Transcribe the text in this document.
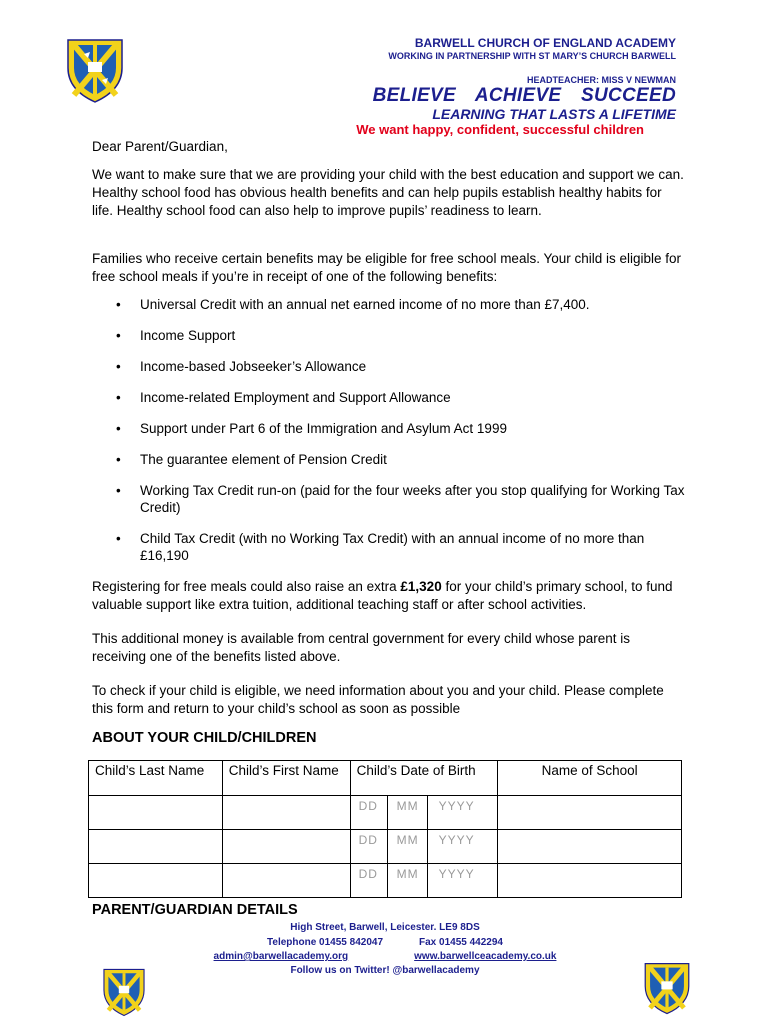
BARWELL CHURCH OF ENGLAND ACADEMY
WORKING IN PARTNERSHIP WITH ST MARY’S CHURCH BARWELL
HEADTEACHER: MISS V NEWMAN
BELIEVE ACHIEVE SUCCEED
LEARNING THAT LASTS A LIFETIME
We want happy, confident, successful children
Dear Parent/Guardian,
We want to make sure that we are providing your child with the best education and support we can. Healthy school food has obvious health benefits and can help pupils establish healthy habits for life. Healthy school food can also help to improve pupils’ readiness to learn.
Families who receive certain benefits may be eligible for free school meals. Your child is eligible for free school meals if you’re in receipt of one of the following benefits:
• Universal Credit with an annual net earned income of no more than £7,400.
• Income Support
• Income-based Jobseeker’s Allowance
• Income-related Employment and Support Allowance
• Support under Part 6 of the Immigration and Asylum Act 1999
• The guarantee element of Pension Credit
• Working Tax Credit run-on (paid for the four weeks after you stop qualifying for Working Tax Credit)
• Child Tax Credit (with no Working Tax Credit) with an annual income of no more than £16,190
Registering for free meals could also raise an extra £1,320 for your child’s primary school, to fund valuable support like extra tuition, additional teaching staff or after school activities.
This additional money is available from central government for every child whose parent is receiving one of the benefits listed above.
To check if your child is eligible, we need information about you and your child. Please complete this form and return to your child’s school as soon as possible
ABOUT YOUR CHILD/CHILDREN
Child’s Last Name	Child’s First Name	Child’s Date of Birth	Name of School

		DD MM YYYY	

		DD MM YYYY	

		DD MM YYYY	

PARENT/GUARDIAN DETAILS
High Street, Barwell, Leicester. LE9 8DS
Telephone 01455 842047	Fax 01455 442294
admin@barwellacademy.org	www.barwellceacademy.co.uk
Follow us on Twitter! @barwellacademy
